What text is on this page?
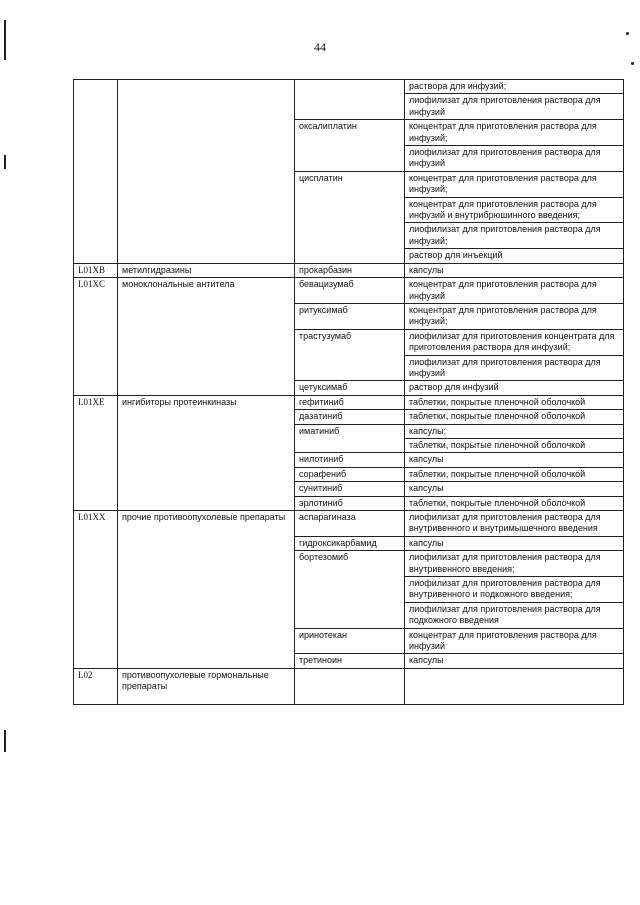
44
			раствора для инфузий;
			лиофилизат для приготовления раствора для инфузий
		оксалиплатин	концентрат для приготовления раствора для инфузий;
			лиофилизат для приготовления раствора для инфузий
		цисплатин	концентрат для приготовления раствора для инфузий;
			концентрат для приготовления раствора для инфузий и внутрибрюшинного введения;
			лиофилизат для приготовления раствора для инфузий;
			раствор для инъекций
L01XB	метилгидразины	прокарбазин	капсулы
L01XC	моноклональные антитела	бевацизумаб	концентрат для приготовления раствора для инфузий
		ритуксимаб	концентрат для приготовления раствора для инфузий;
		трастузумаб	лиофилизат для приготовления концентрата для приготовления раствора для инфузий;
			лиофилизат для приготовления раствора для инфузий
		цетуксимаб	раствор для инфузий
L01XE	ингибиторы протеинкиназы	гефитиниб	таблетки, покрытые пленочной оболочкой
		дазатиниб	таблетки, покрытые пленочной оболочкой
		иматиниб	капсулы;
			таблетки, покрытые пленочной оболочкой
		нилотиниб	капсулы
		сорафениб	таблетки, покрытые пленочной оболочкой
		сунитиниб	капсулы
		эрлотиниб	таблетки, покрытые пленочной оболочкой
L01XX	прочие противоопухолевые препараты	аспарагиназа	лиофилизат для приготовления раствора для внутривенного и внутримышечного введения
		гидроксикарбамид	капсулы
		бортезомиб	лиофилизат для приготовления раствора для внутривенного введения;
			лиофилизат для приготовления раствора для внутривенного и подкожного введения;
			лиофилизат для приготовления раствора для подкожного введения
		иринотекан	концентрат для приготовления раствора для инфузий
		третиноин	капсулы
L02	противоопухолевые гормональные препараты		
